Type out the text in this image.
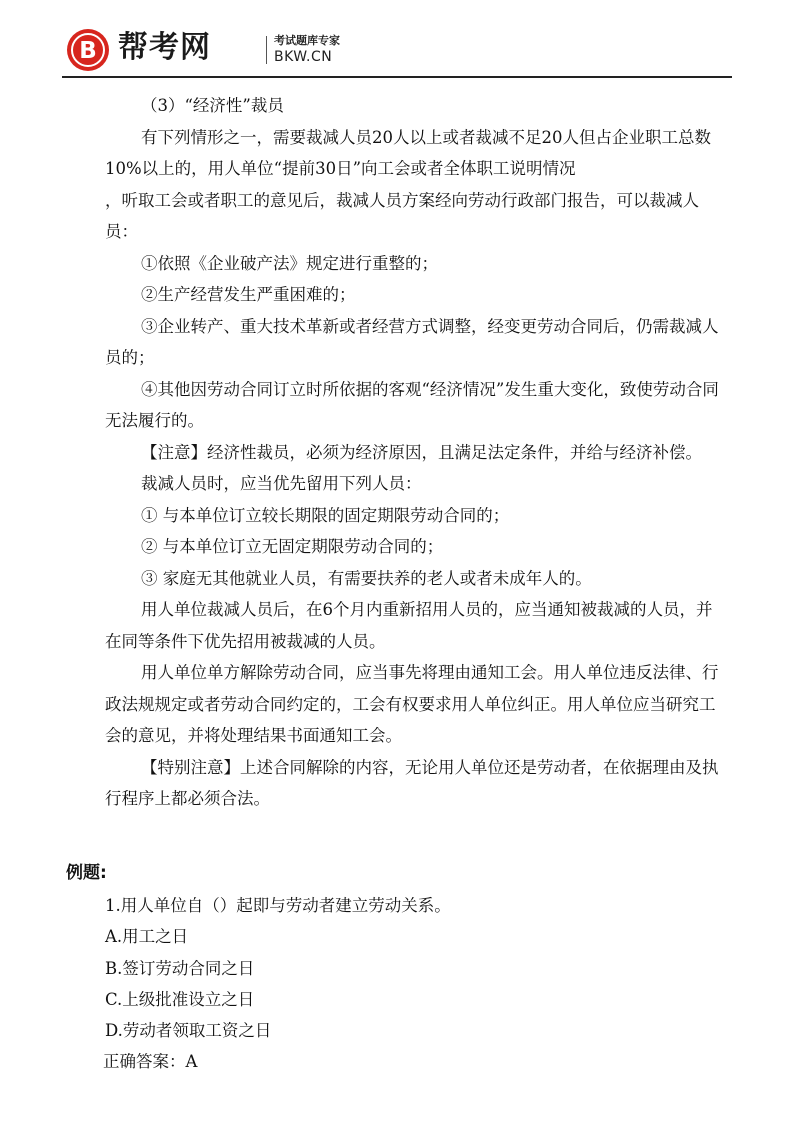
B 帮考网	考试题库专家
BKW.CN

（3）“经济性”裁员

有下列情形之一，需要裁减人员20人以上或者裁减不足20人但占企业职工总数10%以上的，用人单位“提前30日”向工会或者全体职工说明情况

，听取工会或者职工的意见后，裁减人员方案经向劳动行政部门报告，可以裁减人员：

①依照《企业破产法》规定进行重整的；

②生产经营发生严重困难的；

③企业转产、重大技术革新或者经营方式调整，经变更劳动合同后，仍需裁减人员的；

④其他因劳动合同订立时所依据的客观“经济情况”发生重大变化，致使劳动合同无法履行的。

【注意】经济性裁员，必须为经济原因，且满足法定条件，并给与经济补偿。

裁减人员时，应当优先留用下列人员：

① 与本单位订立较长期限的固定期限劳动合同的；

② 与本单位订立无固定期限劳动合同的；

③ 家庭无其他就业人员，有需要扶养的老人或者未成年人的。

用人单位裁减人员后，在6个月内重新招用人员的，应当通知被裁减的人员，并在同等条件下优先招用被裁减的人员。

用人单位单方解除劳动合同，应当事先将理由通知工会。用人单位违反法律、行政法规规定或者劳动合同约定的，工会有权要求用人单位纠正。用人单位应当研究工会的意见，并将处理结果书面通知工会。

【特别注意】上述合同解除的内容，无论用人单位还是劳动者，在依据理由及执行程序上都必须合法。

例题:

1.用人单位自（）起即与劳动者建立劳动关系。

A.用工之日

B.签订劳动合同之日

C.上级批准设立之日

D.劳动者领取工资之日

正确答案：A
